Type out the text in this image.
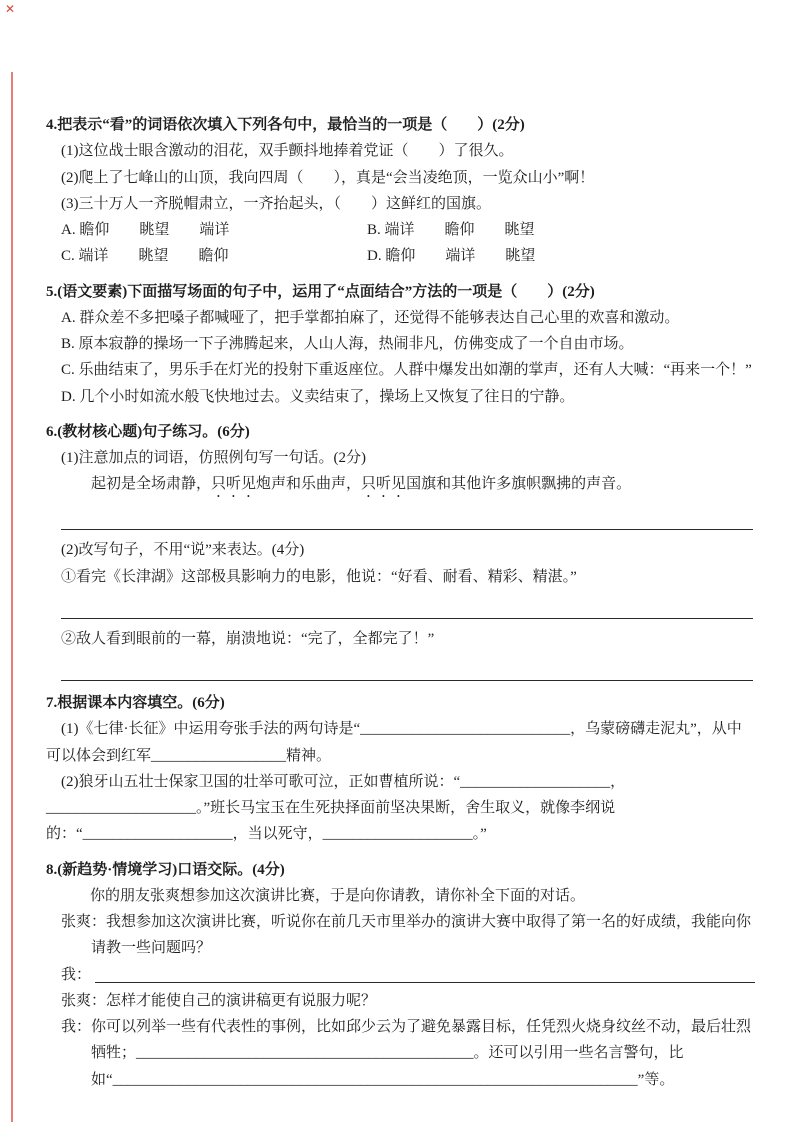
✕

4.把表示“看”的词语依次填入下列各句中，最恰当的一项是（　　）(2分)

(1)这位战士眼含激动的泪花，双手颤抖地捧着党证（　　）了很久。

(2)爬上了七峰山的山顶，我向四周（　　），真是“会当凌绝顶，一览众山小”啊！

(3)三十万人一齐脱帽肃立，一齐抬起头，（　　）这鲜红的国旗。

A. 瞻仰　　眺望　　端详	B. 端详　　瞻仰　　眺望
C. 端详　　眺望　　瞻仰	D. 瞻仰　　端详　　眺望

5.(语文要素)下面描写场面的句子中，运用了“点面结合”方法的一项是（　　）(2分)

A. 群众差不多把嗓子都喊哑了，把手掌都拍麻了，还觉得不能够表达自己心里的欢喜和激动。

B. 原本寂静的操场一下子沸腾起来，人山人海，热闹非凡，仿佛变成了一个自由市场。

C. 乐曲结束了，男乐手在灯光的投射下重返座位。人群中爆发出如潮的掌声，还有人大喊：“再来一个！”

D. 几个小时如流水般飞快地过去。义卖结束了，操场上又恢复了往日的宁静。

6.(教材核心题)句子练习。(6分)

(1)注意加点的词语，仿照例句写一句话。(2分)

起初是全场肃静，只听见炮声和乐曲声，只听见国旗和其他许多旗帜飘拂的声音。

(2)改写句子，不用“说”来表达。(4分)

①看完《长津湖》这部极具影响力的电影，他说：“好看、耐看、精彩、精湛。”

②敌人看到眼前的一幕，崩溃地说：“完了，全都完了！”

7.根据课本内容填空。(6分)

(1)《七律·长征》中运用夸张手法的两句诗是“____________________________，乌蒙磅礴走泥丸”，从中可以体会到红军__________________精神。

(2)狼牙山五壮士保家卫国的壮举可歌可泣，正如曹植所说：“____________________，____________________。”班长马宝玉在生死抉择面前坚决果断，舍生取义，就像李纲说的：“____________________，当以死守，____________________。”

8.(新趋势·情境学习)口语交际。(4分)

你的朋友张爽想参加这次演讲比赛，于是向你请教，请你补全下面的对话。

张爽：我想参加这次演讲比赛，听说你在前几天市里举办的演讲大赛中取得了第一名的好成绩，我能向你请教一些问题吗？

我：

张爽：怎样才能使自己的演讲稿更有说服力呢？

我：你可以列举一些有代表性的事例，比如邱少云为了避免暴露目标，任凭烈火烧身纹丝不动，最后壮烈牺牲；_____________________________________________。还可以引用一些名言警句，比如“______________________________________________________________________”等。
